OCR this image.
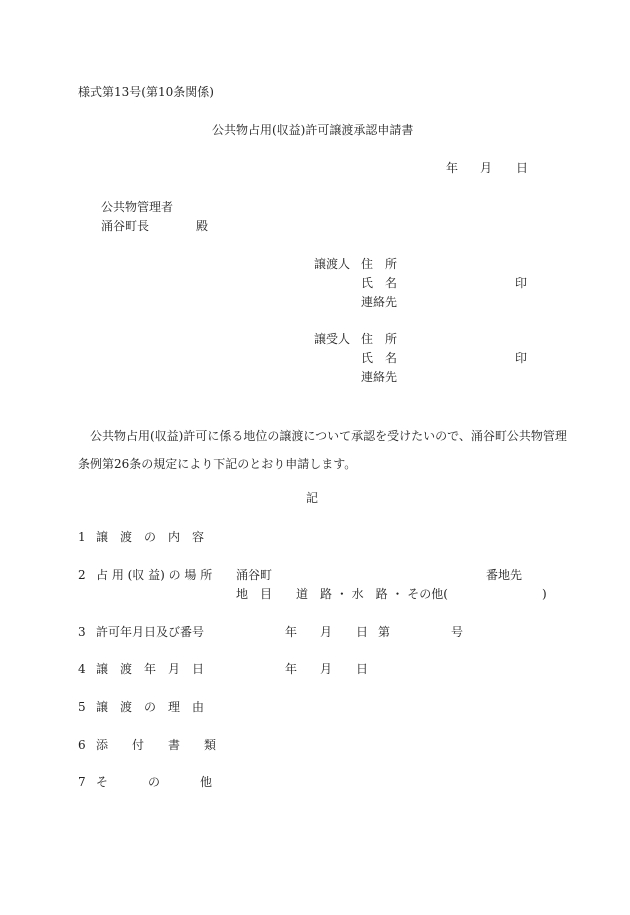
様式第13号(第10条関係)
公共物占用(収益)許可譲渡承認申請書
年 月 日
公共物管理者
涌谷町長	殿
譲渡人 住　所
氏　名	印
連絡先
譲受人 住　所
氏　名	印
連絡先
公共物占用(収益)許可に係る地位の譲渡について承認を受けたいので、涌谷町公共物管理条例第26条の規定により下記のとおり申請します。
記
1 譲　渡　の　内　容
2 占 用 (収 益) の 場 所 涌谷町	番地先
地　目 道　路 ・ 水　路 ・ その他(	)
3 許可年月日及び番号	年 月 日 第	号
4 譲　渡　年　月　日	年 月 日
5 譲　渡　の　理　由
6 添　　付　　書　　類
7 そ	の	他
